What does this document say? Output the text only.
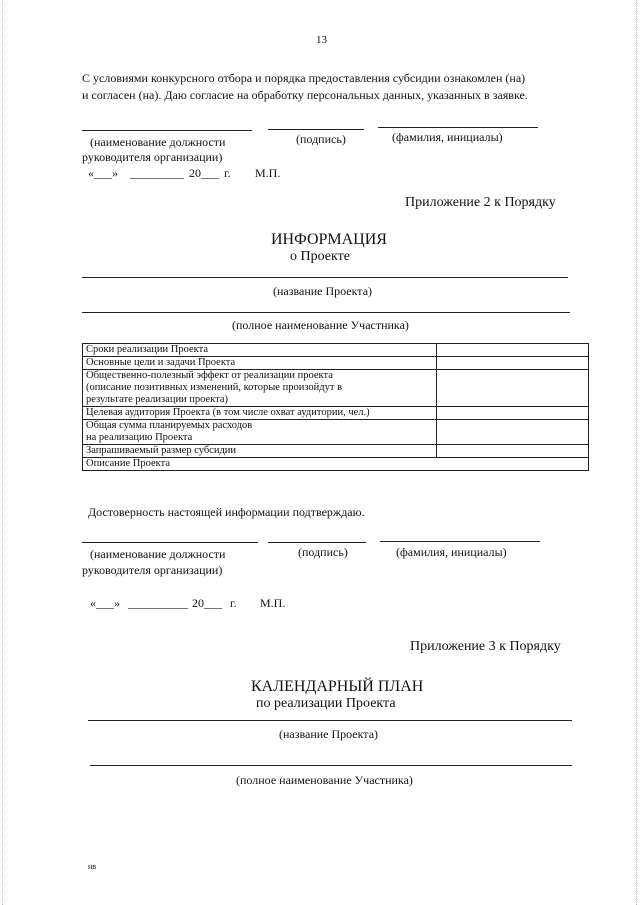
13
С условиями конкурсного отбора и порядка предоставления субсидии ознакомлен (на)
и согласен (на). Даю согласие на обработку персональных данных, указанных в заявке.
(наименование должности	(подпись)	(фамилия, инициалы)
руководителя организации)
«___» _________ 20___ г. М.П.
Приложение 2 к Порядку
ИНФОРМАЦИЯ
о Проекте
(название Проекта)
(полное наименование Участника)
Сроки реализации Проекта	
Основные цели и задачи Проекта	
Общественно-полезный эффект от реализации проекта (описание позитивных изменений, которые произойдут в результате реализации проекта)	
Целевая аудитория Проекта (в том числе охват аудитории, чел.)	
Общая сумма планируемых расходов на реализацию Проекта	
Запрашиваемый размер субсидии	
Описание Проекта	
Достоверность настоящей информации подтверждаю.
(наименование должности	(подпись)	(фамилия, инициалы)
руководителя организации)
«___» __________ 20___ г. М.П.
Приложение 3 к Порядку
КАЛЕНДАРНЫЙ ПЛАН
по реализации Проекта
(название Проекта)
(полное наименование Участника)
нв
